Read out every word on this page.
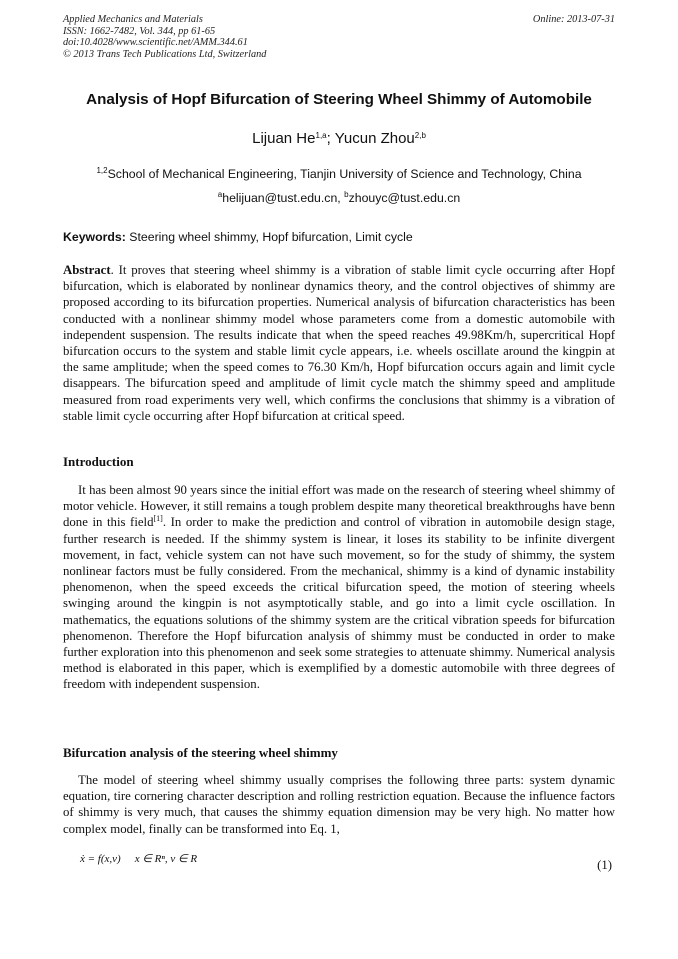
Applied Mechanics and Materials
ISSN: 1662-7482, Vol. 344, pp 61-65
doi:10.4028/www.scientific.net/AMM.344.61
© 2013 Trans Tech Publications Ltd, Switzerland
Online: 2013-07-31
Analysis of Hopf Bifurcation of Steering Wheel Shimmy of Automobile
Lijuan He$^{1,a}$; Yucun Zhou$^{2,b}$
$^{1,2}$School of Mechanical Engineering, Tianjin University of Science and Technology, China
$^a$helijuan@tust.edu.cn, $^b$zhouyc@tust.edu.cn
Keywords: Steering wheel shimmy, Hopf bifurcation, Limit cycle
Abstract. It proves that steering wheel shimmy is a vibration of stable limit cycle occurring after Hopf bifurcation, which is elaborated by nonlinear dynamics theory, and the control objectives of shimmy are proposed according to its bifurcation properties. Numerical analysis of bifurcation characteristics has been conducted with a nonlinear shimmy model whose parameters come from a domestic automobile with independent suspension. The results indicate that when the speed reaches 49.98Km/h, supercritical Hopf bifurcation occurs to the system and stable limit cycle appears, i.e. wheels oscillate around the kingpin at the same amplitude; when the speed comes to 76.30 Km/h, Hopf bifurcation occurs again and limit cycle disappears. The bifurcation speed and amplitude of limit cycle match the shimmy speed and amplitude measured from road experiments very well, which confirms the conclusions that shimmy is a vibration of stable limit cycle occurring after Hopf bifurcation at critical speed.
Introduction
It has been almost 90 years since the initial effort was made on the research of steering wheel shimmy of motor vehicle. However, it still remains a tough problem despite many theoretical breakthroughs have benn done in this field[1]. In order to make the prediction and control of vibration in automobile design stage, further research is needed. If the shimmy system is linear, it loses its stability to be infinite divergent movement, in fact, vehicle system can not have such movement, so for the study of shimmy, the system nonlinear factors must be fully considered. From the mechanical, shimmy is a kind of dynamic instability phenomenon, when the speed exceeds the critical bifurcation speed, the motion of steering wheels swinging around the kingpin is not asymptotically stable, and go into a limit cycle oscillation. In mathematics, the equations solutions of the shimmy system are the critical vibration speeds for bifurcation phenomenon. Therefore the Hopf bifurcation analysis of shimmy must be conducted in order to make further exploration into this phenomenon and seek some strategies to attenuate shimmy. Numerical analysis method is elaborated in this paper, which is exemplified by a domestic automobile with three degrees of freedom with independent suspension.
Bifurcation analysis of the steering wheel shimmy
The model of steering wheel shimmy usually comprises the following three parts: system dynamic equation, tire cornering character description and rolling restriction equation. Because the influence factors of shimmy is very much, that causes the shimmy equation dimension may be very high. No matter how complex model, finally can be transformed into Eq. 1,
ẋ = f(x,v) x ∈ Rⁿ, v ∈ R	(1)
